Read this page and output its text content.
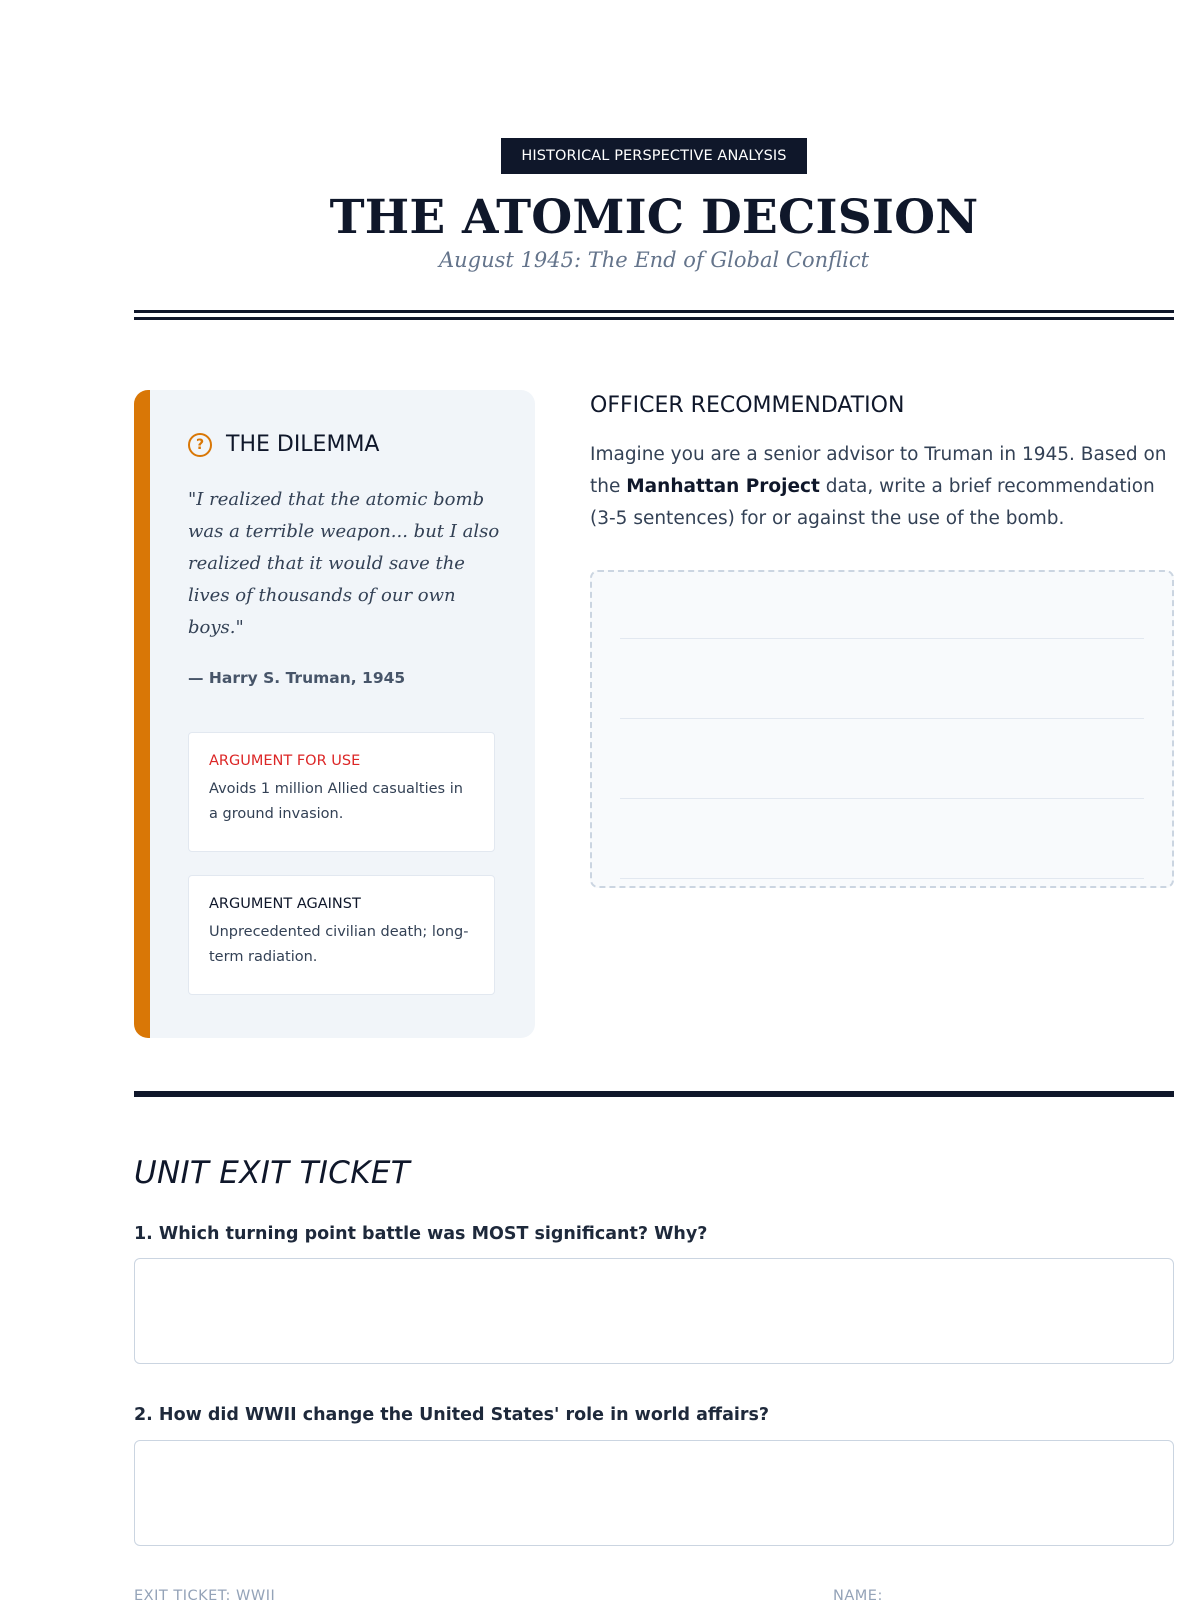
HISTORICAL PERSPECTIVE ANALYSIS
THE ATOMIC DECISION
August 1945: The End of Global Conflict
? THE DILEMMA
"I realized that the atomic bomb was a terrible weapon... but I also realized that it would save the lives of thousands of our own boys."
— Harry S. Truman, 1945
ARGUMENT FOR USE
Avoids 1 million Allied casualties in a ground invasion.
ARGUMENT AGAINST
Unprecedented civilian death; long-term radiation.
OFFICER RECOMMENDATION
Imagine you are a senior advisor to Truman in 1945. Based on the Manhattan Project data, write a brief recommendation (3-5 sentences) for or against the use of the bomb.
UNIT EXIT TICKET
1. Which turning point battle was MOST significant? Why?
2. How did WWII change the United States' role in world affairs?
EXIT TICKET: WWII	NAME:
